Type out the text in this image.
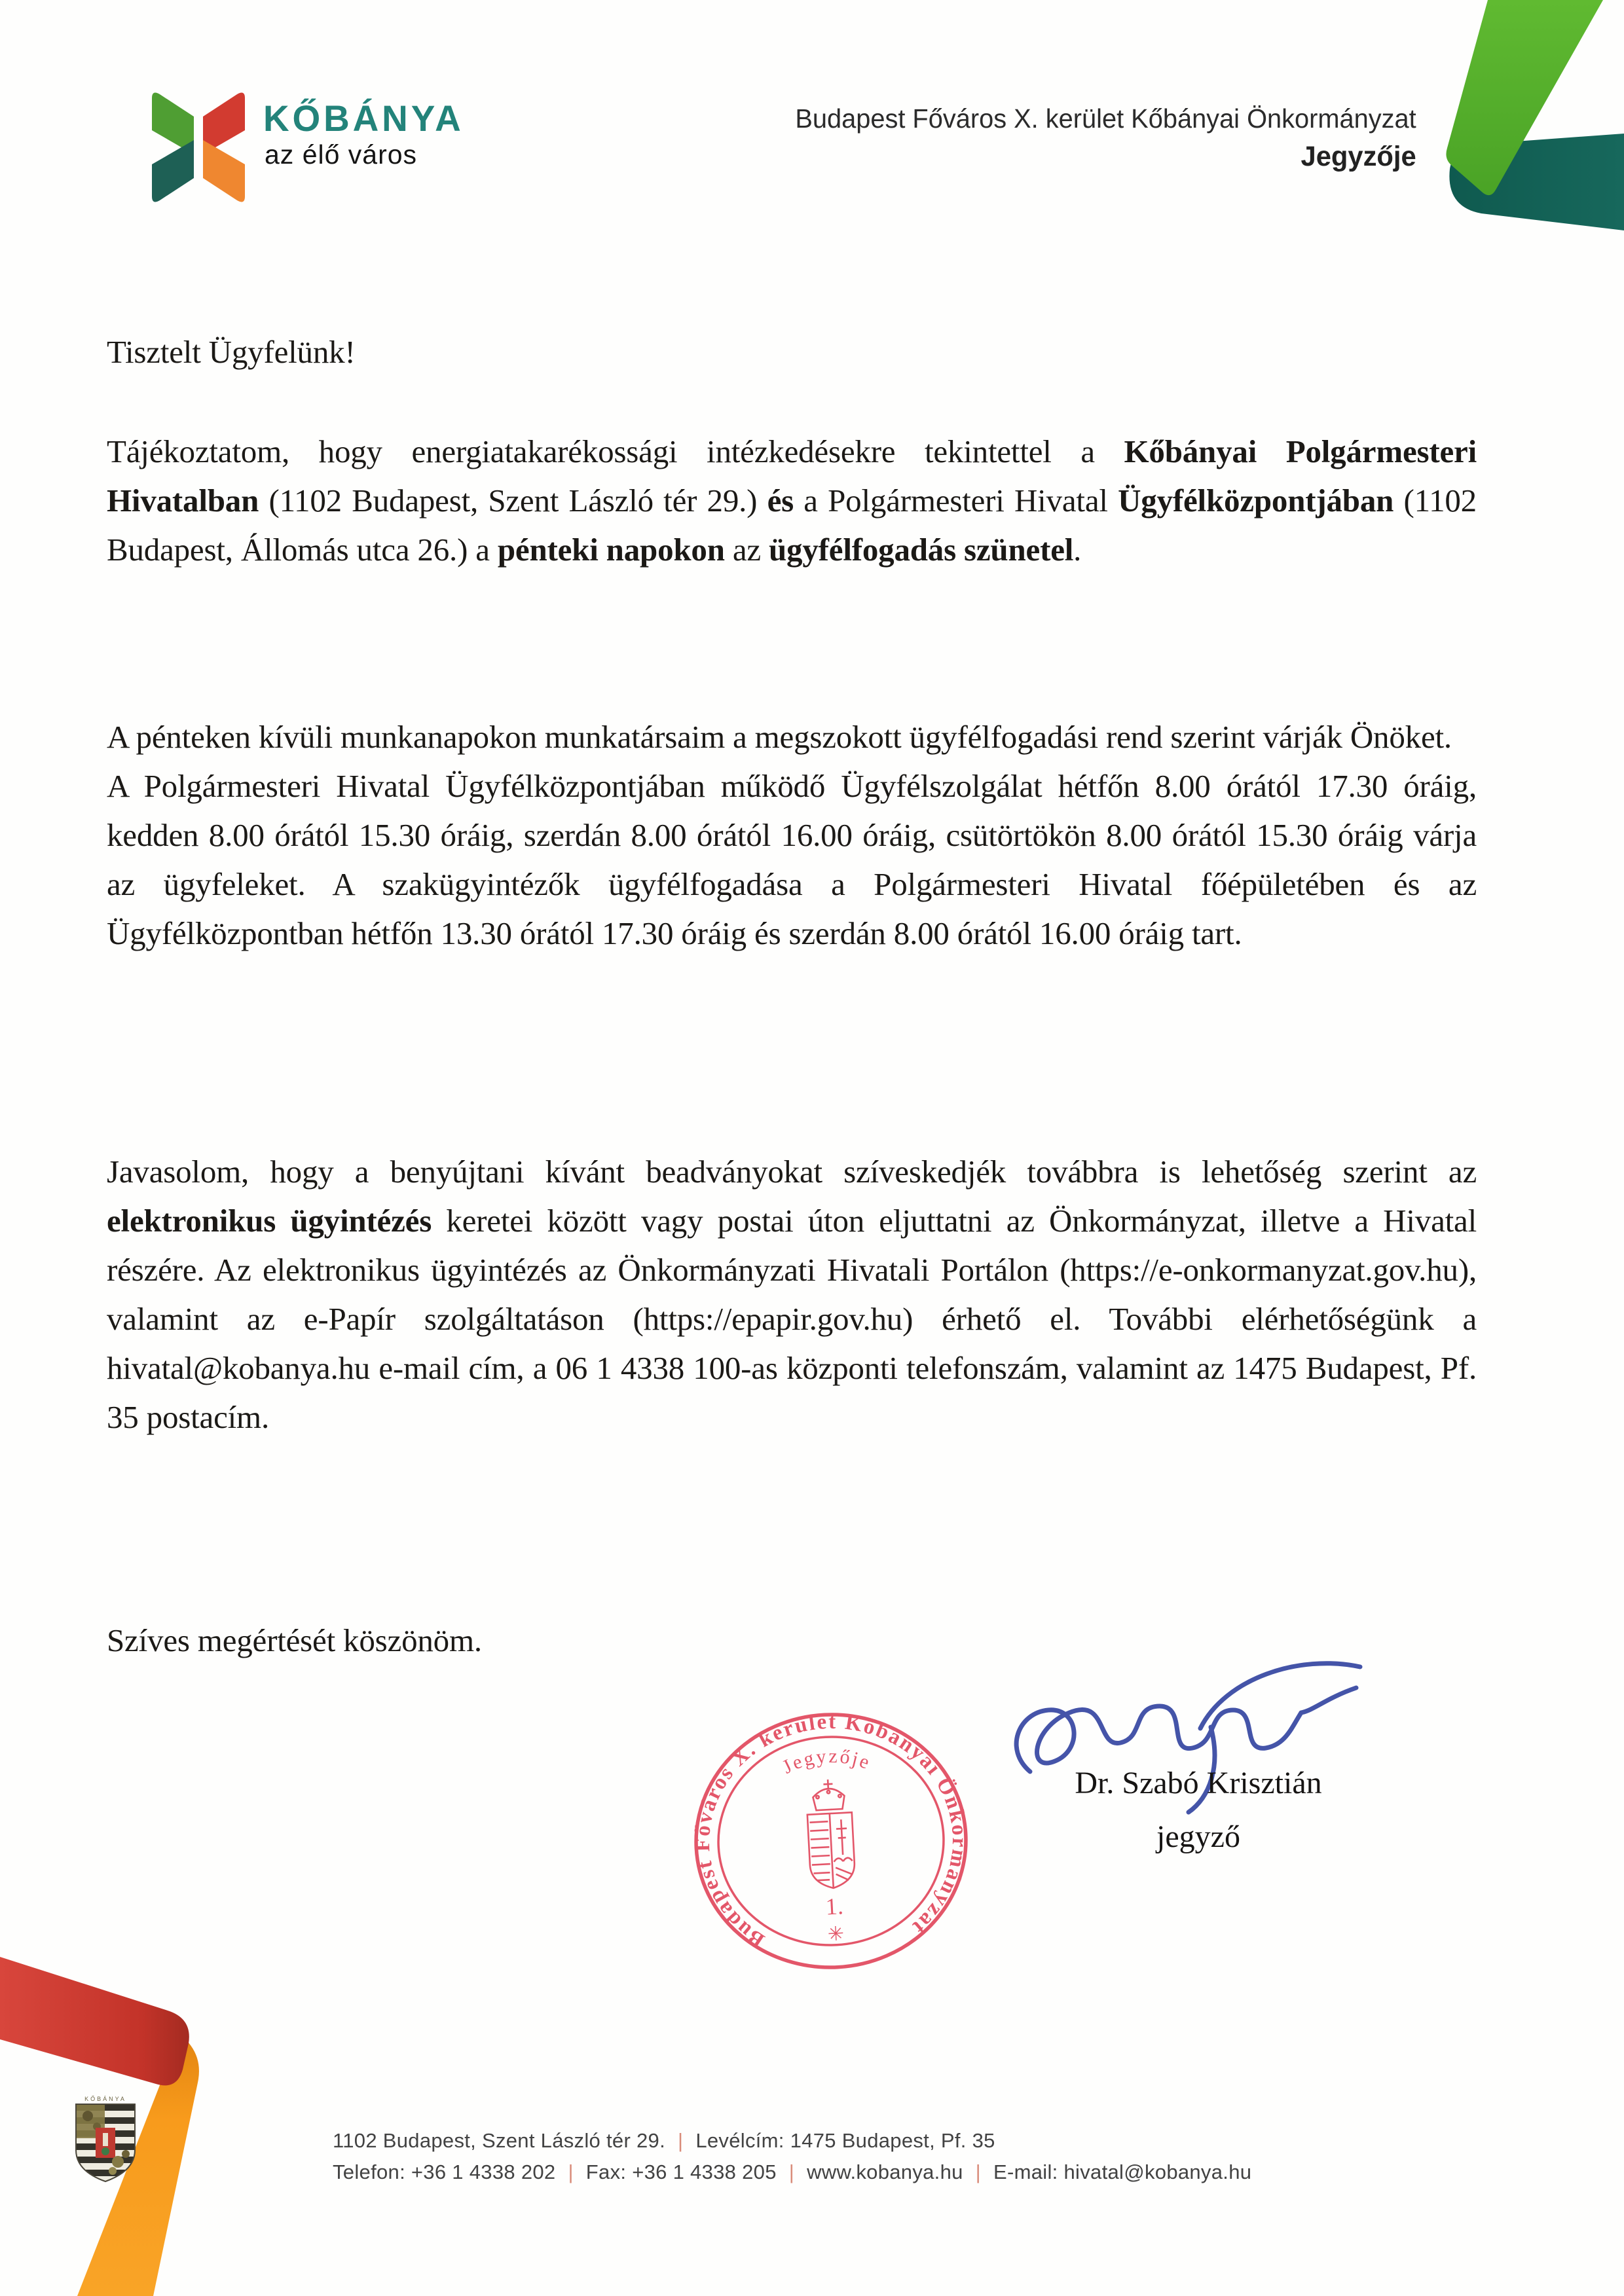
KŐBÁNYA
az élő város
Budapest Főváros X. kerület Kőbányai Önkormányzat
Jegyzője
Tisztelt Ügyfelünk!
Tájékoztatom, hogy energiatakarékossági intézkedésekre tekintettel a Kőbányai Polgármesteri Hivatalban (1102 Budapest, Szent László tér 29.) és a Polgármesteri Hivatal Ügyfélközpontjában (1102 Budapest, Állomás utca 26.) a pénteki napokon az ügyfélfogadás szünetel.
A pénteken kívüli munkanapokon munkatársaim a megszokott ügyfélfogadási rend szerint várják Önöket.
A Polgármesteri Hivatal Ügyfélközpontjában működő Ügyfélszolgálat hétfőn 8.00 órától 17.30 óráig, kedden 8.00 órától 15.30 óráig, szerdán 8.00 órától 16.00 óráig, csütörtökön 8.00 órától 15.30 óráig várja az ügyfeleket. A szakügyintézők ügyfélfogadása a Polgármesteri Hivatal főépületében és az Ügyfélközpontban hétfőn 13.30 órától 17.30 óráig és szerdán 8.00 órától 16.00 óráig tart.
Javasolom, hogy a benyújtani kívánt beadványokat szíveskedjék továbbra is lehetőség szerint az elektronikus ügyintézés keretei között vagy postai úton eljuttatni az Önkormányzat, illetve a Hivatal részére. Az elektronikus ügyintézés az Önkormányzati Hivatali Portálon (https://e-onkormanyzat.gov.hu), valamint az e-Papír szolgáltatáson (https://epapir.gov.hu) érhető el. További elérhetőségünk a hivatal@kobanya.hu e-mail cím, a 06 1 4338 100-as központi telefonszám, valamint az 1475 Budapest, Pf. 35 postacím.
Szíves megértését köszönöm.
Budapest Főváros X. kerület Kőbányai Önkormányzat
Jegyzője
1.
✳
Dr. Szabó Krisztián
jegyző
KŐBÁNYA
1102 Budapest, Szent László tér 29. | Levélcím: 1475 Budapest, Pf. 35
Telefon: +36 1 4338 202 | Fax: +36 1 4338 205 | www.kobanya.hu | E-mail: hivatal@kobanya.hu
